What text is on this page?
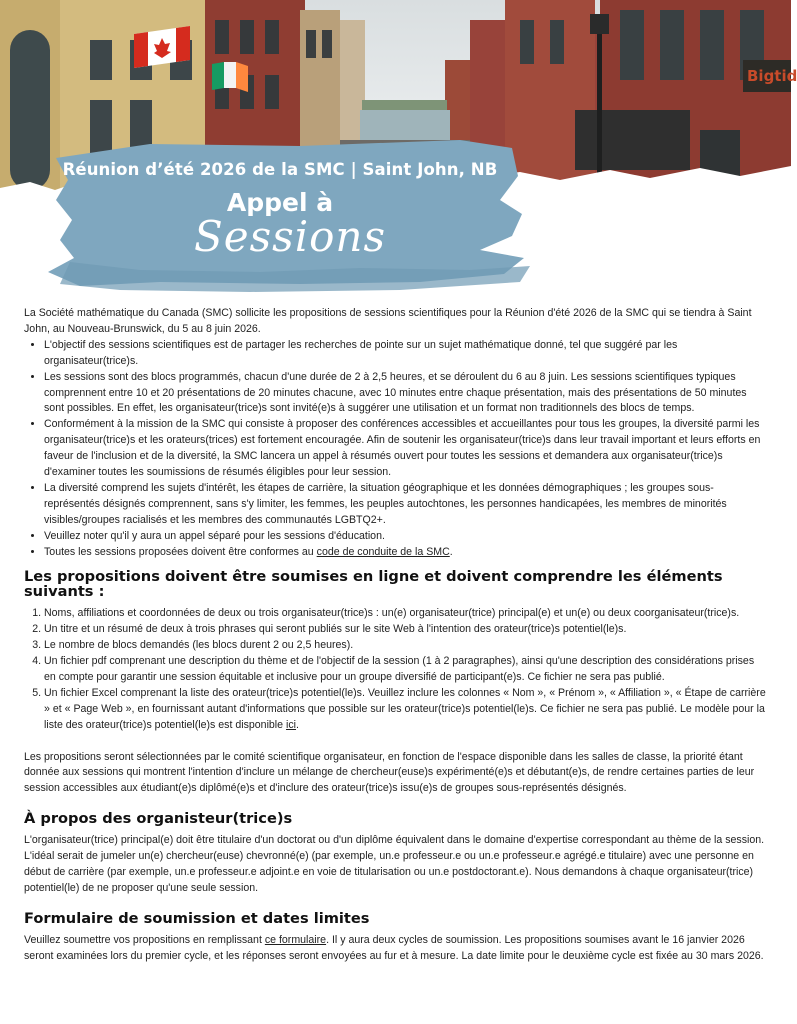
Bigtid
Réunion d’été 2026 de la SMC | Saint John, NB
Appel à
Sessions

La Société mathématique du Canada (SMC) sollicite les propositions de sessions scientifiques pour la Réunion d'été 2026 de la SMC qui se tiendra à Saint John, au Nouveau-Brunswick, du 5 au 8 juin 2026.

• L'objectif des sessions scientifiques est de partager les recherches de pointe sur un sujet mathématique donné, tel que suggéré par les organisateur(trice)s.
• Les sessions sont des blocs programmés, chacun d'une durée de 2 à 2,5 heures, et se déroulent du 6 au 8 juin. Les sessions scientifiques typiques comprennent entre 10 et 20 présentations de 20 minutes chacune, avec 10 minutes entre chaque présentation, mais des présentations de 50 minutes sont possibles. En effet, les organisateur(trice)s sont invité(e)s à suggérer une utilisation et un format non traditionnels des blocs de temps.
• Conformément à la mission de la SMC qui consiste à proposer des conférences accessibles et accueillantes pour tous les groupes, la diversité parmi les organisateur(trice)s et les orateurs(trices) est fortement encouragée. Afin de soutenir les organisateur(trice)s dans leur travail important et leurs efforts en faveur de l'inclusion et de la diversité, la SMC lancera un appel à résumés ouvert pour toutes les sessions et demandera aux organisateur(trice)s d'examiner toutes les soumissions de résumés éligibles pour leur session.
• La diversité comprend les sujets d'intérêt, les étapes de carrière, la situation géographique et les données démographiques ; les groupes sous-représentés désignés comprennent, sans s'y limiter, les femmes, les peuples autochtones, les personnes handicapées, les membres de minorités visibles/groupes racialisés et les membres des communautés LGBTQ2+.
• Veuillez noter qu'il y aura un appel séparé pour les sessions d'éducation.
• Toutes les sessions proposées doivent être conformes au code de conduite de la SMC.
Les propositions doivent être soumises en ligne et doivent comprendre les éléments suivants :
1. Noms, affiliations et coordonnées de deux ou trois organisateur(trice)s : un(e) organisateur(trice) principal(e) et un(e) ou deux coorganisateur(trice)s.
2. Un titre et un résumé de deux à trois phrases qui seront publiés sur le site Web à l'intention des orateur(trice)s potentiel(le)s.
3. Le nombre de blocs demandés (les blocs durent 2 ou 2,5 heures).
4. Un fichier pdf comprenant une description du thème et de l'objectif de la session (1 à 2 paragraphes), ainsi qu'une description des considérations prises en compte pour garantir une session équitable et inclusive pour un groupe diversifié de participant(e)s. Ce fichier ne sera pas publié.
5. Un fichier Excel comprenant la liste des orateur(trice)s potentiel(le)s. Veuillez inclure les colonnes « Nom », « Prénom », « Affiliation », « Étape de carrière » et « Page Web », en fournissant autant d'informations que possible sur les orateur(trice)s potentiel(le)s. Ce fichier ne sera pas publié. Le modèle pour la liste des orateur(trice)s potentiel(le)s est disponible ici.

Les propositions seront sélectionnées par le comité scientifique organisateur, en fonction de l'espace disponible dans les salles de classe, la priorité étant donnée aux sessions qui montrent l'intention d'inclure un mélange de chercheur(euse)s expérimenté(e)s et débutant(e)s, de rendre certaines parties de leur session accessibles aux étudiant(e)s diplômé(e)s et d'inclure des orateur(trice)s issu(e)s de groupes sous-représentés désignés.

À propos des organisteur(trice)s

L'organisateur(trice) principal(e) doit être titulaire d'un doctorat ou d'un diplôme équivalent dans le domaine d'expertise correspondant au thème de la session. L'idéal serait de jumeler un(e) chercheur(euse) chevronné(e) (par exemple, un.e professeur.e ou un.e professeur.e agrégé.e titulaire) avec une personne en début de carrière (par exemple, un.e professeur.e adjoint.e en voie de titularisation ou un.e postdoctorant.e). Nous demandons à chaque organisateur(trice) potentiel(le) de ne proposer qu'une seule session.

Formulaire de soumission et dates limites

Veuillez soumettre vos propositions en remplissant ce formulaire. Il y aura deux cycles de soumission. Les propositions soumises avant le 16 janvier 2026 seront examinées lors du premier cycle, et les réponses seront envoyées au fur et à mesure. La date limite pour le deuxième cycle est fixée au 30 mars 2026.
